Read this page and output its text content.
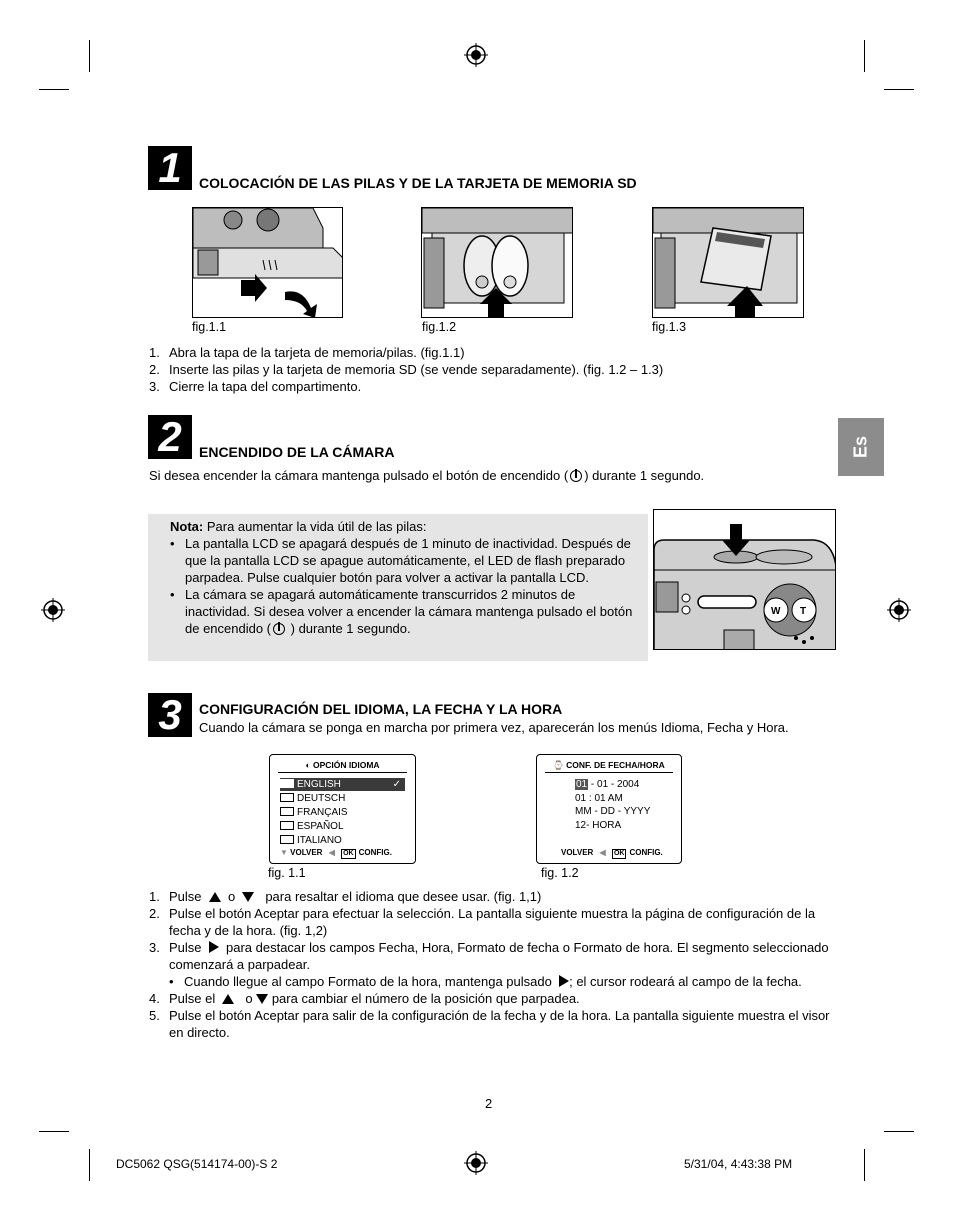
1	COLOCACIÓN DE LAS PILAS Y DE LA TARJETA DE MEMORIA SD
fig.1.1	fig.1.2	fig.1.3
1. Abra la tapa de la tarjeta de memoria/pilas. (fig.1.1)
2. Inserte las pilas y la tarjeta de memoria SD (se vende separadamente). (fig. 1.2 – 1.3)
3. Cierre la tapa del compartimento.
2	ENCENDIDO DE LA CÁMARA
Si desea encender la cámara mantenga pulsado el botón de encendido ( ) durante 1 segundo.
Es
Nota: Para aumentar la vida útil de las pilas:
• La pantalla LCD se apagará después de 1 minuto de inactividad. Después de que la pantalla LCD se apague automáticamente, el LED de flash preparado parpadea. Pulse cualquier botón para volver a activar la pantalla LCD.
• La cámara se apagará automáticamente transcurridos 2 minutos de inactividad. Si desea volver a encender la cámara mantenga pulsado el botón de encendido ( ) durante 1 segundo.
W T
3	CONFIGURACIÓN DEL IDIOMA, LA FECHA Y LA HORA
Cuando la cámara se ponga en marcha por primera vez, aparecerán los menús Idioma, Fecha y Hora.
◐ OPCIÓN IDIOMA
ENGLISH	✓
DEUTSCH
FRANÇAIS
ESPAÑOL
ITALIANO
▼ VOLVER ◀ OK CONFIG.
⌚ CONF. DE FECHA/HORA
01 - 01 - 2004
01 : 01 AM
MM - DD - YYYY
12- HORA
VOLVER ◀ OK CONFIG.
fig. 1.1	fig. 1.2
1. Pulse o para resaltar el idioma que desee usar. (fig. 1,1)
2. Pulse el botón Aceptar para efectuar la selección. La pantalla siguiente muestra la página de configuración de la fecha y de la hora. (fig. 1,2)
3. Pulse para destacar los campos Fecha, Hora, Formato de fecha o Formato de hora. El segmento seleccionado comenzará a parpadear.
• Cuando llegue al campo Formato de la hora, mantenga pulsado ; el cursor rodeará al campo de la fecha.
4. Pulse el o para cambiar el número de la posición que parpadea.
5. Pulse el botón Aceptar para salir de la configuración de la fecha y de la hora. La pantalla siguiente muestra el visor en directo.
2
DC5062 QSG(514174-00)-S 2	5/31/04, 4:43:38 PM
